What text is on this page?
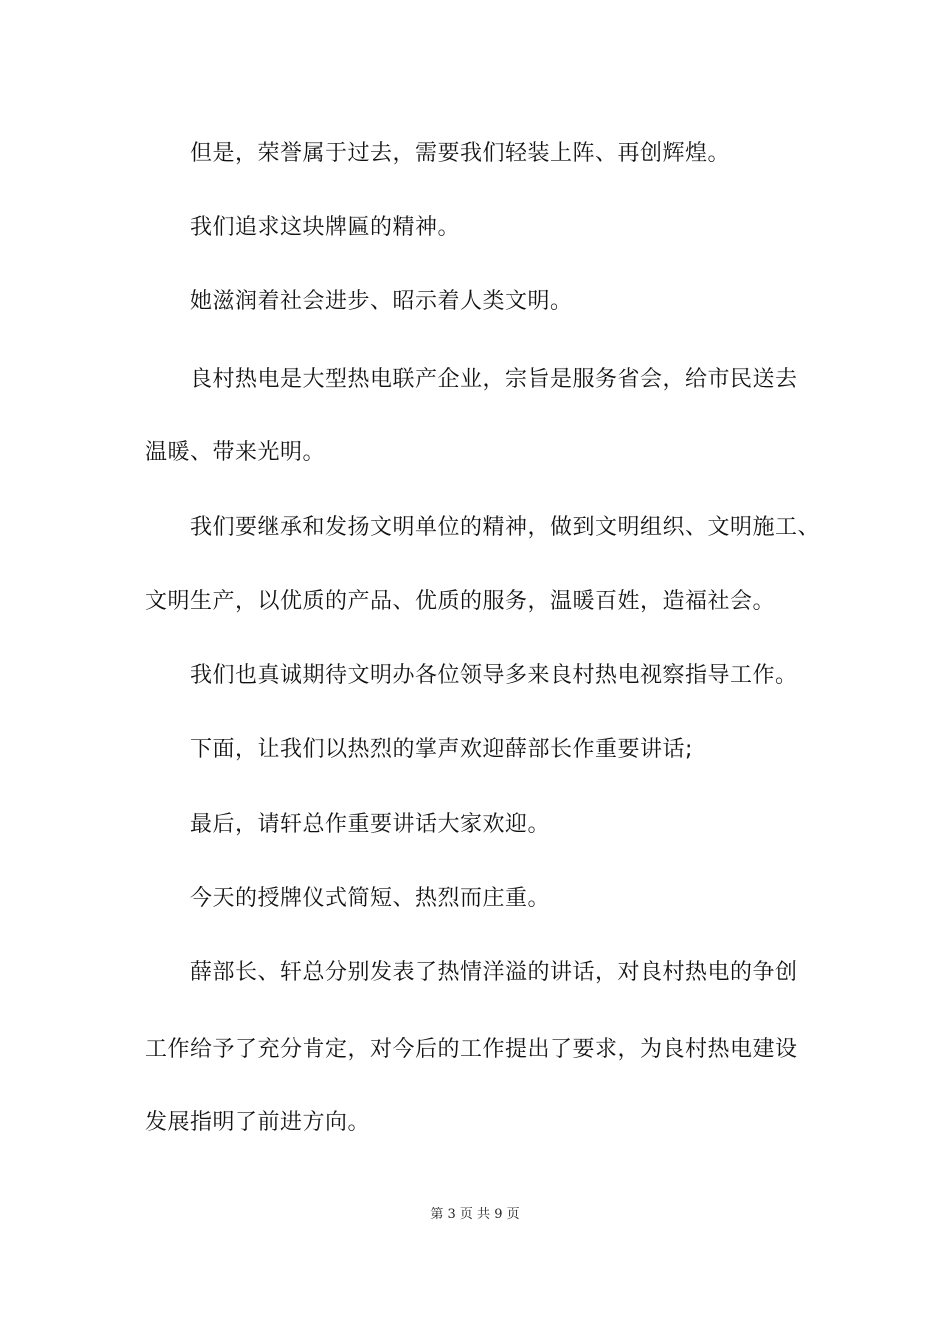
但是，荣誉属于过去，需要我们轻装上阵、再创辉煌。
我们追求这块牌匾的精神。
她滋润着社会进步、昭示着人类文明。
良村热电是大型热电联产企业，宗旨是服务省会，给市民送去
温暖、带来光明。
我们要继承和发扬文明单位的精神，做到文明组织、文明施工、
文明生产，以优质的产品、优质的服务，温暖百姓，造福社会。
我们也真诚期待文明办各位领导多来良村热电视察指导工作。
下面，让我们以热烈的掌声欢迎薛部长作重要讲话;
最后，请轩总作重要讲话大家欢迎。
今天的授牌仪式简短、热烈而庄重。
薛部长、轩总分别发表了热情洋溢的讲话，对良村热电的争创
工作给予了充分肯定，对今后的工作提出了要求，为良村热电建设
发展指明了前进方向。
第 3 页 共 9 页
